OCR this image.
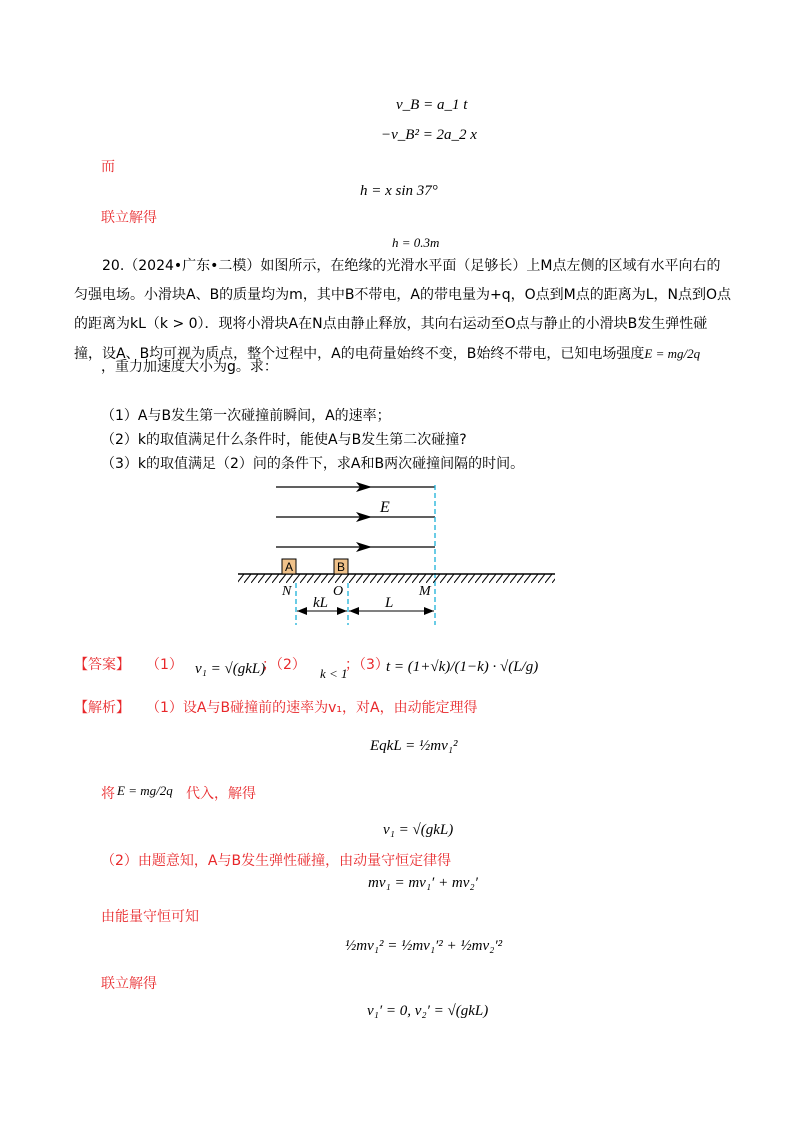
v_B = a_1 t
−v_B² = 2a_2 x
而
h = x sin 37°
联立解得
h = 0.3m
20.（2024•广东•二模）如图所示，在绝缘的光滑水平面（足够长）上M点左侧的区域有水平向右的匀强电场。小滑块A、B的质量均为m，其中B不带电，A的带电量为+q，O点到M点的距离为L，N点到O点的距离为kL（k > 0）．现将小滑块A在N点由静止释放，其向右运动至O点与静止的小滑块B发生弹性碰撞，设A、B均可视为质点，整个过程中，A的电荷量始终不变，B始终不带电，已知电场强度E = mg/2q
，重力加速度大小为g。求：
（1）A与B发生第一次碰撞前瞬间，A的速率；
（2）k的取值满足什么条件时，能使A与B发生第二次碰撞?
（3）k的取值满足（2）问的条件下，求A和B两次碰撞间隔的时间。
E
A	B
N	O	M
kL	L
【答案】 （1） v₁ = √(gkL)
；（2）
k < 1
；（3）
t = (1+√k)/(1−k) · √(L/g)
【解析】 （1）设A与B碰撞前的速率为v₁，对A，由动能定理得
EqkL = ½mv₁²
将 E = mg/2q 代入，解得
v₁ = √(gkL)
（2）由题意知，A与B发生弹性碰撞，由动量守恒定律得
mv₁ = mv₁′ + mv₂′
由能量守恒可知
½mv₁² = ½mv₁′² + ½mv₂′²
联立解得
v₁′ = 0, v₂′ = √(gkL)
